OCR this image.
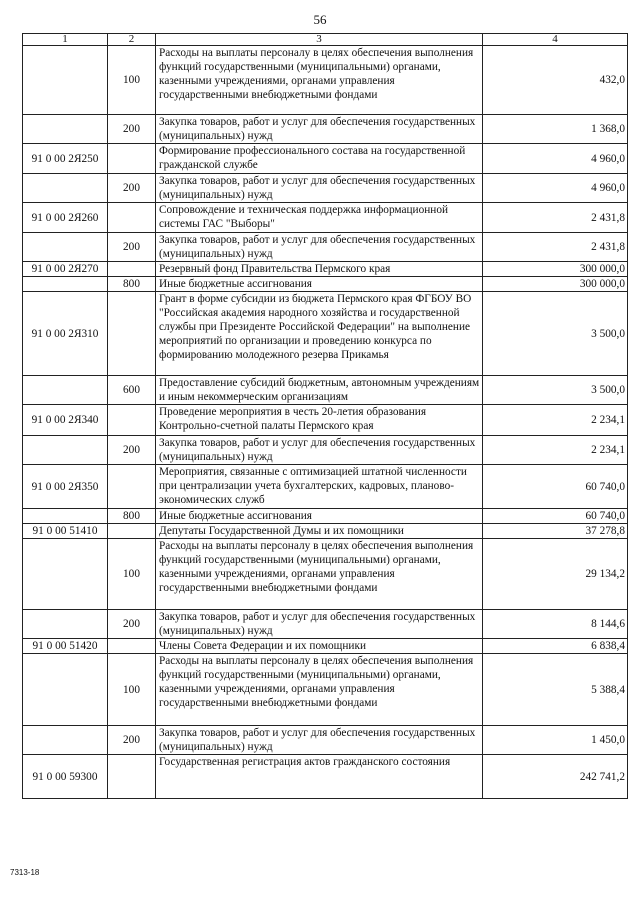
56
1	2	3	4
	100	Расходы на выплаты персоналу в целях обеспечения выполнения функций государственными (муниципальными) органами, казенными учреждениями, органами управления государственными внебюджетными фондами	432,0
	200	Закупка товаров, работ и услуг для обеспечения государственных (муниципальных) нужд	1 368,0
91 0 00 2Я250		Формирование профессионального состава на государственной гражданской службе	4 960,0
	200	Закупка товаров, работ и услуг для обеспечения государственных (муниципальных) нужд	4 960,0
91 0 00 2Я260		Сопровождение и техническая поддержка информационной системы ГАС "Выборы"	2 431,8
	200	Закупка товаров, работ и услуг для обеспечения государственных (муниципальных) нужд	2 431,8
91 0 00 2Я270		Резервный фонд Правительства Пермского края	300 000,0
	800	Иные бюджетные ассигнования	300 000,0
91 0 00 2Я310		Грант в форме субсидии из бюджета Пермского края ФГБОУ ВО "Российская академия народного хозяйства и государственной службы при Президенте Российской Федерации" на выполнение мероприятий по организации и проведению конкурса по формированию молодежного резерва Прикамья	3 500,0
	600	Предоставление субсидий бюджетным, автономным учреждениям и иным некоммерческим организациям	3 500,0
91 0 00 2Я340		Проведение мероприятия в честь 20-летия образования Контрольно-счетной палаты Пермского края	2 234,1
	200	Закупка товаров, работ и услуг для обеспечения государственных (муниципальных) нужд	2 234,1
91 0 00 2Я350		Мероприятия, связанные с оптимизацией штатной численности при централизации учета бухгалтерских, кадровых, планово-экономических служб	60 740,0
	800	Иные бюджетные ассигнования	60 740,0
91 0 00 51410		Депутаты Государственной Думы и их помощники	37 278,8
	100	Расходы на выплаты персоналу в целях обеспечения выполнения функций государственными (муниципальными) органами, казенными учреждениями, органами управления государственными внебюджетными фондами	29 134,2
	200	Закупка товаров, работ и услуг для обеспечения государственных (муниципальных) нужд	8 144,6
91 0 00 51420		Члены Совета Федерации и их помощники	6 838,4
	100	Расходы на выплаты персоналу в целях обеспечения выполнения функций государственными (муниципальными) органами, казенными учреждениями, органами управления государственными внебюджетными фондами	5 388,4
	200	Закупка товаров, работ и услуг для обеспечения государственных (муниципальных) нужд	1 450,0
91 0 00 59300		Государственная регистрация актов гражданского состояния	242 741,2
7313-18
